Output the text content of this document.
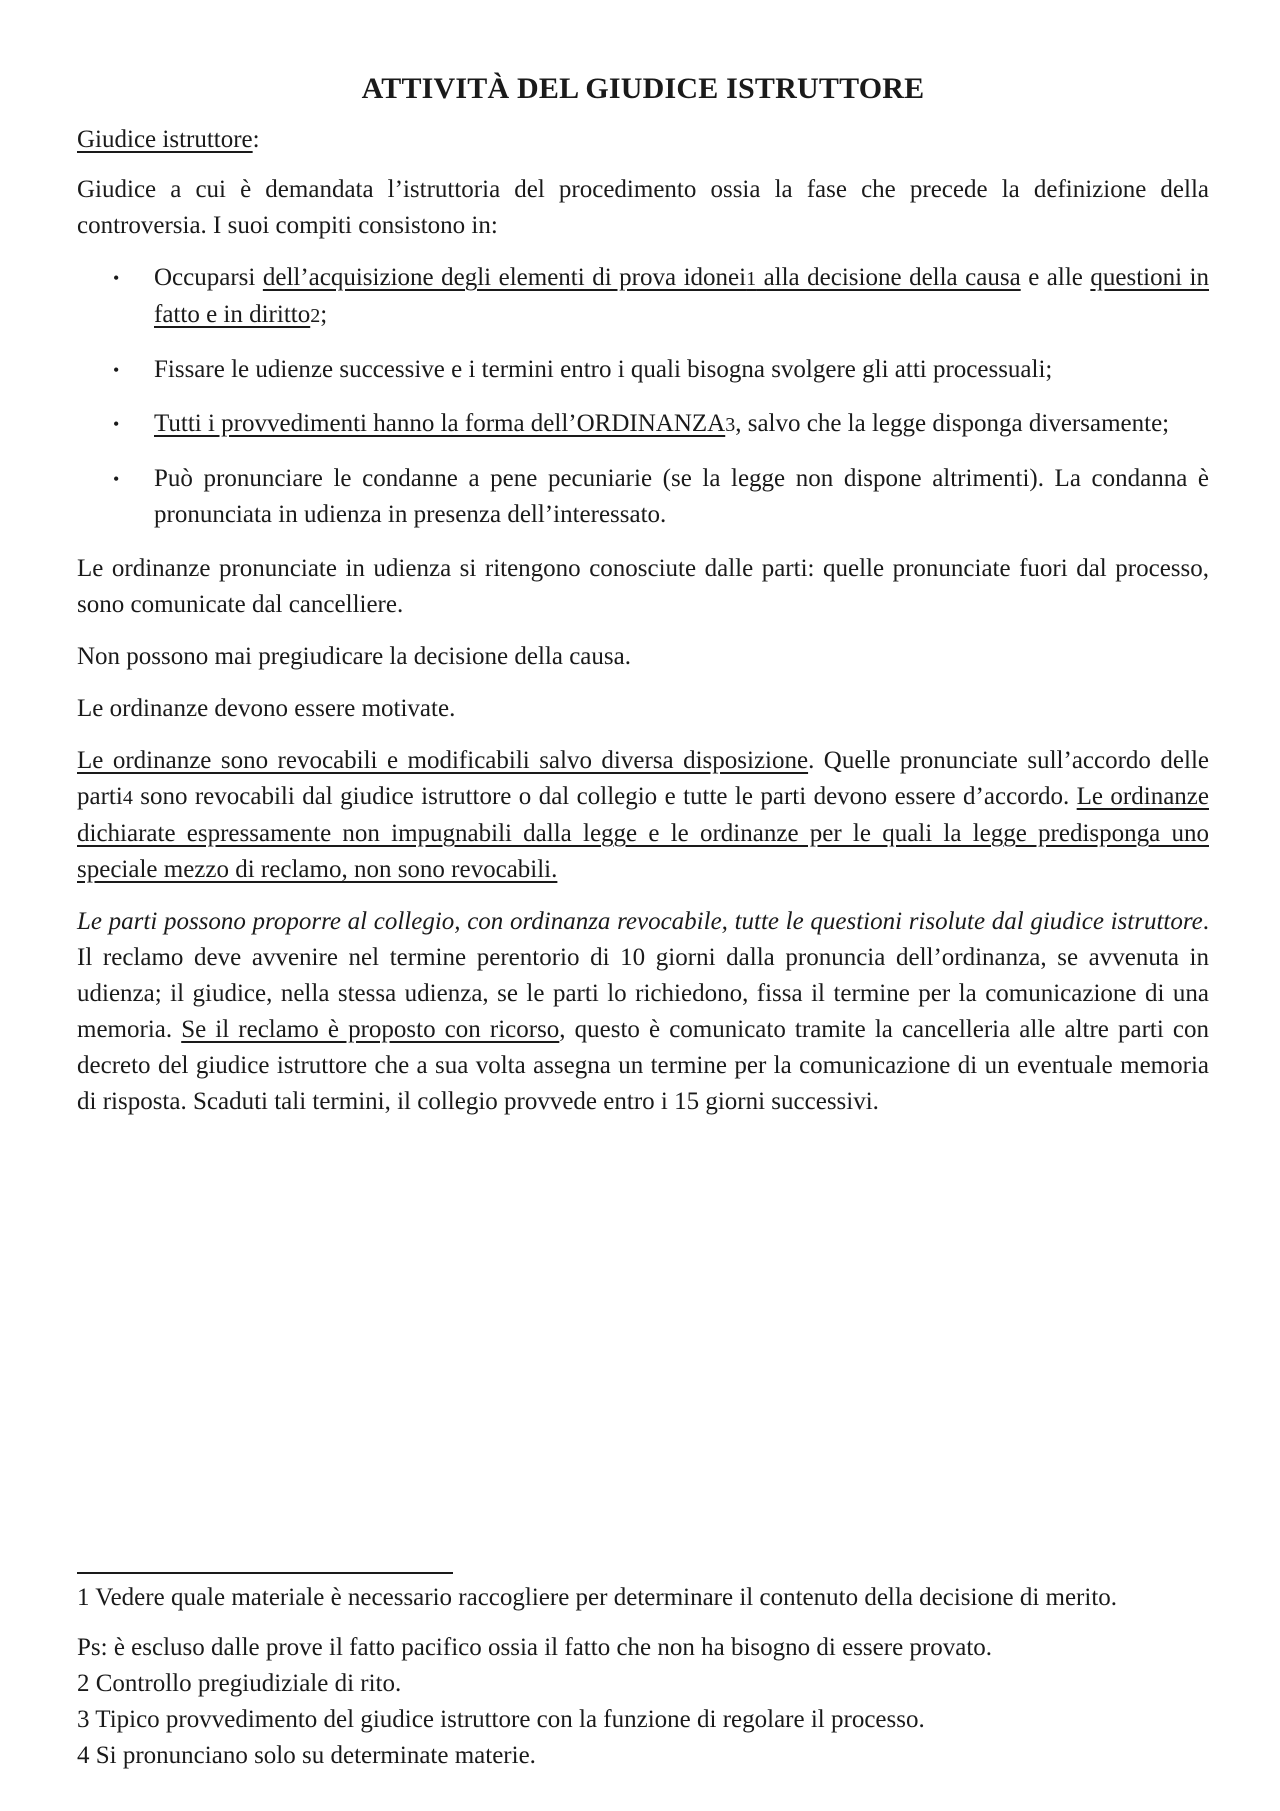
ATTIVITÀ DEL GIUDICE ISTRUTTORE

Giudice istruttore:

Giudice a cui è demandata l’istruttoria del procedimento ossia la fase che precede la definizione della controversia. I suoi compiti consistono in:

• Occuparsi dell’acquisizione degli elementi di prova idonei1 alla decisione della causa e alle questioni in fatto e in diritto2;
• Fissare le udienze successive e i termini entro i quali bisogna svolgere gli atti processuali;
• Tutti i provvedimenti hanno la forma dell’ORDINANZA3, salvo che la legge disponga diversamente;
• Può pronunciare le condanne a pene pecuniarie (se la legge non dispone altrimenti). La condanna è pronunciata in udienza in presenza dell’interessato.

Le ordinanze pronunciate in udienza si ritengono conosciute dalle parti: quelle pronunciate fuori dal processo, sono comunicate dal cancelliere.

Non possono mai pregiudicare la decisione della causa.

Le ordinanze devono essere motivate.

Le ordinanze sono revocabili e modificabili salvo diversa disposizione. Quelle pronunciate sull’accordo delle parti4 sono revocabili dal giudice istruttore o dal collegio e tutte le parti devono essere d’accordo. Le ordinanze dichiarate espressamente non impugnabili dalla legge e le ordinanze per le quali la legge predisponga uno speciale mezzo di reclamo, non sono revocabili.

Le parti possono proporre al collegio, con ordinanza revocabile, tutte le questioni risolute dal giudice istruttore. Il reclamo deve avvenire nel termine perentorio di 10 giorni dalla pronuncia dell’ordinanza, se avvenuta in udienza; il giudice, nella stessa udienza, se le parti lo richiedono, fissa il termine per la comunicazione di una memoria. Se il reclamo è proposto con ricorso, questo è comunicato tramite la cancelleria alle altre parti con decreto del giudice istruttore che a sua volta assegna un termine per la comunicazione di un eventuale memoria di risposta. Scaduti tali termini, il collegio provvede entro i 15 giorni successivi.

1 Vedere quale materiale è necessario raccogliere per determinare il contenuto della decisione di merito.

Ps: è escluso dalle prove il fatto pacifico ossia il fatto che non ha bisogno di essere provato.

2 Controllo pregiudiziale di rito.

3 Tipico provvedimento del giudice istruttore con la funzione di regolare il processo.

4 Si pronunciano solo su determinate materie.
